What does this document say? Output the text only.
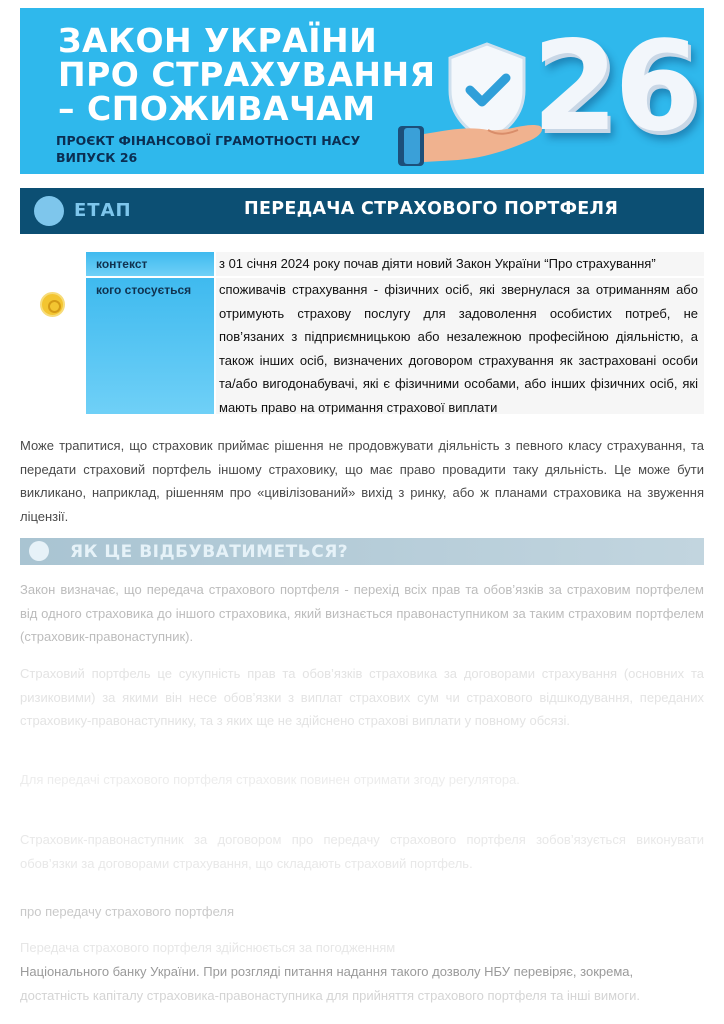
ЗАКОН УКРАЇНИ
ПРО СТРАХУВАННЯ
– СПОЖИВАЧАМ
ПРОЄКТ ФІНАНСОВОЇ ГРАМОТНОСТІ НАСУ
ВИПУСК 26	26
ЕТАП	ПЕРЕДАЧА СТРАХОВОГО ПОРТФЕЛЯ
контекст	з 01 січня 2024 року почав діяти новий Закон України “Про страхування”
кого стосується	споживачів страхування - фізичних осіб, які звернулася за отриманням або отримують страхову послугу для задоволення особистих потреб, не пов’язаних з підприємницькою або незалежною професійною діяльністю, а також інших осіб, визначених договором страхування як застраховані особи та/або вигодонабувачі, які є фізичними особами, або інших фізичних осіб, які мають право на отримання страхової виплати

Може трапитися, що страховик приймає рішення не продовжувати діяльність з певного класу страхування, та передати страховий портфель іншому страховику, що має право провадити таку дяльність. Це може бути викликано, наприклад, рішенням про «цивілізований» вихід з ринку, або ж планами страховика на звуження ліцензії.

ЯК ЦЕ ВІДБУВАТИМЕТЬСЯ?

Закон визначає, що передача страхового портфеля - перехід всіх прав та обов’язків за страховим портфелем від одного страховика до іншого страховика, який визнається правонаступником за таким страховим портфелем (страховик-правонаступник).

Страховий портфель це сукупність прав та обов’язків страховика за договорами страхування (основних та ризиковими) за якими він несе обов’язки з виплат страхових сум чи страхового відшкодування, переданих страховику-правонаступнику, та з яких ще не здійснено страхові виплати у повному обсязі.

Для передачі страхового портфеля страховик повинен отримати згоду регулятора.

Страховик-правонаступник за договором про передачу страхового портфеля зобов’язується виконувати обов’язки за договорами страхування, що складають страховий портфель.

про передачу страхового портфеля

Передача страхового портфеля здійснюється за погодженням

Національного банку України. При розгляді питання надання такого дозволу НБУ перевіряє, зокрема,

достатність капіталу страховика-правонаступника для прийняття страхового портфеля та інші вимоги.
